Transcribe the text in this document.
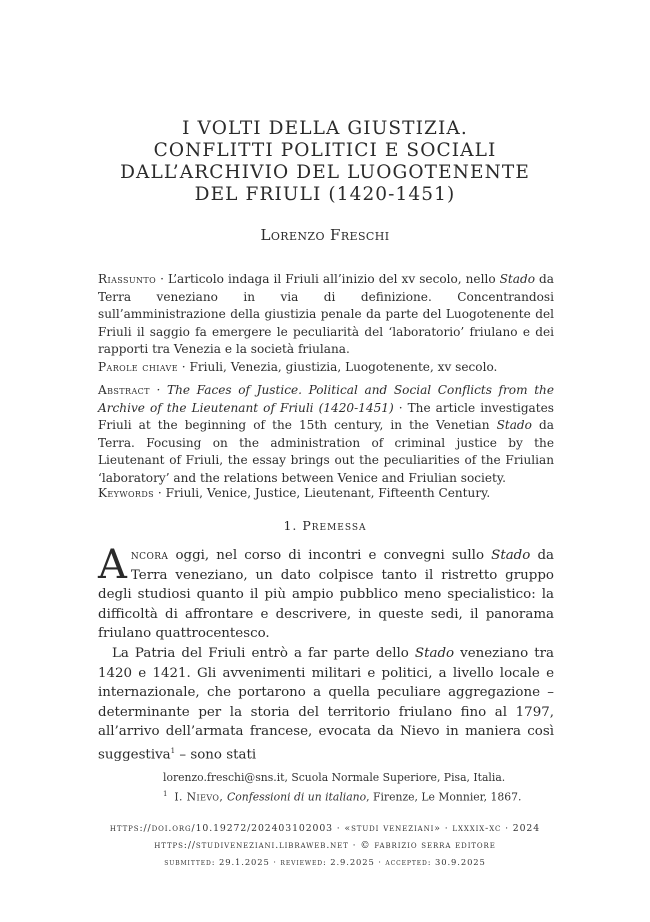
I VOLTI DELLA GIUSTIZIA.
CONFLITTI POLITICI E SOCIALI
DALL’ARCHIVIO DEL LUOGOTENENTE
DEL FRIULI (1420-1451)
Lorenzo Freschi
Riassunto · L’articolo indaga il Friuli all’inizio del xv secolo, nello Stado da Terra veneziano in via di definizione. Concentrandosi sull’amministrazione della giustizia penale da parte del Luogotenente del Friuli il saggio fa emergere le peculiarità del ‘laboratorio’ friulano e dei rapporti tra Venezia e la società friulana.
Parole chiave · Friuli, Venezia, giustizia, Luogotenente, xv secolo.
Abstract · The Faces of Justice. Political and Social Conflicts from the Archive of the Lieutenant of Friuli (1420-1451) · The article investigates Friuli at the beginning of the 15th century, in the Venetian Stado da Terra. Focusing on the administration of criminal justice by the Lieutenant of Friuli, the essay brings out the peculiarities of the Friulian ‘laboratory’ and the relations between Venice and Friulian society.
Keywords · Friuli, Venice, Justice, Lieutenant, Fifteenth Century.
1. Premessa
Ancora oggi, nel corso di incontri e convegni sullo Stado da Terra veneziano, un dato colpisce tanto il ristretto gruppo degli studiosi quanto il più ampio pubblico meno specialistico: la difficoltà di affrontare e descrivere, in queste sedi, il panorama friulano quattrocentesco.
La Patria del Friuli entrò a far parte dello Stado veneziano tra 1420 e 1421. Gli avvenimenti militari e politici, a livello locale e internazionale, che portarono a quella peculiare aggregazione – determinante per la storia del territorio friulano fino al 1797, all’arrivo dell’armata francese, evocata da Nievo in maniera così suggestiva$^1$ – sono stati
lorenzo.freschi@sns.it, Scuola Normale Superiore, Pisa, Italia.
$^1$ I. Nievo, Confessioni di un italiano, Firenze, Le Monnier, 1867.
https://doi.org/10.19272/202403102003 · «studi veneziani» · lxxxix-xc · 2024
https://studiveneziani.libraweb.net · © fabrizio serra editore
submitted: 29.1.2025 · reviewed: 2.9.2025 · accepted: 30.9.2025
